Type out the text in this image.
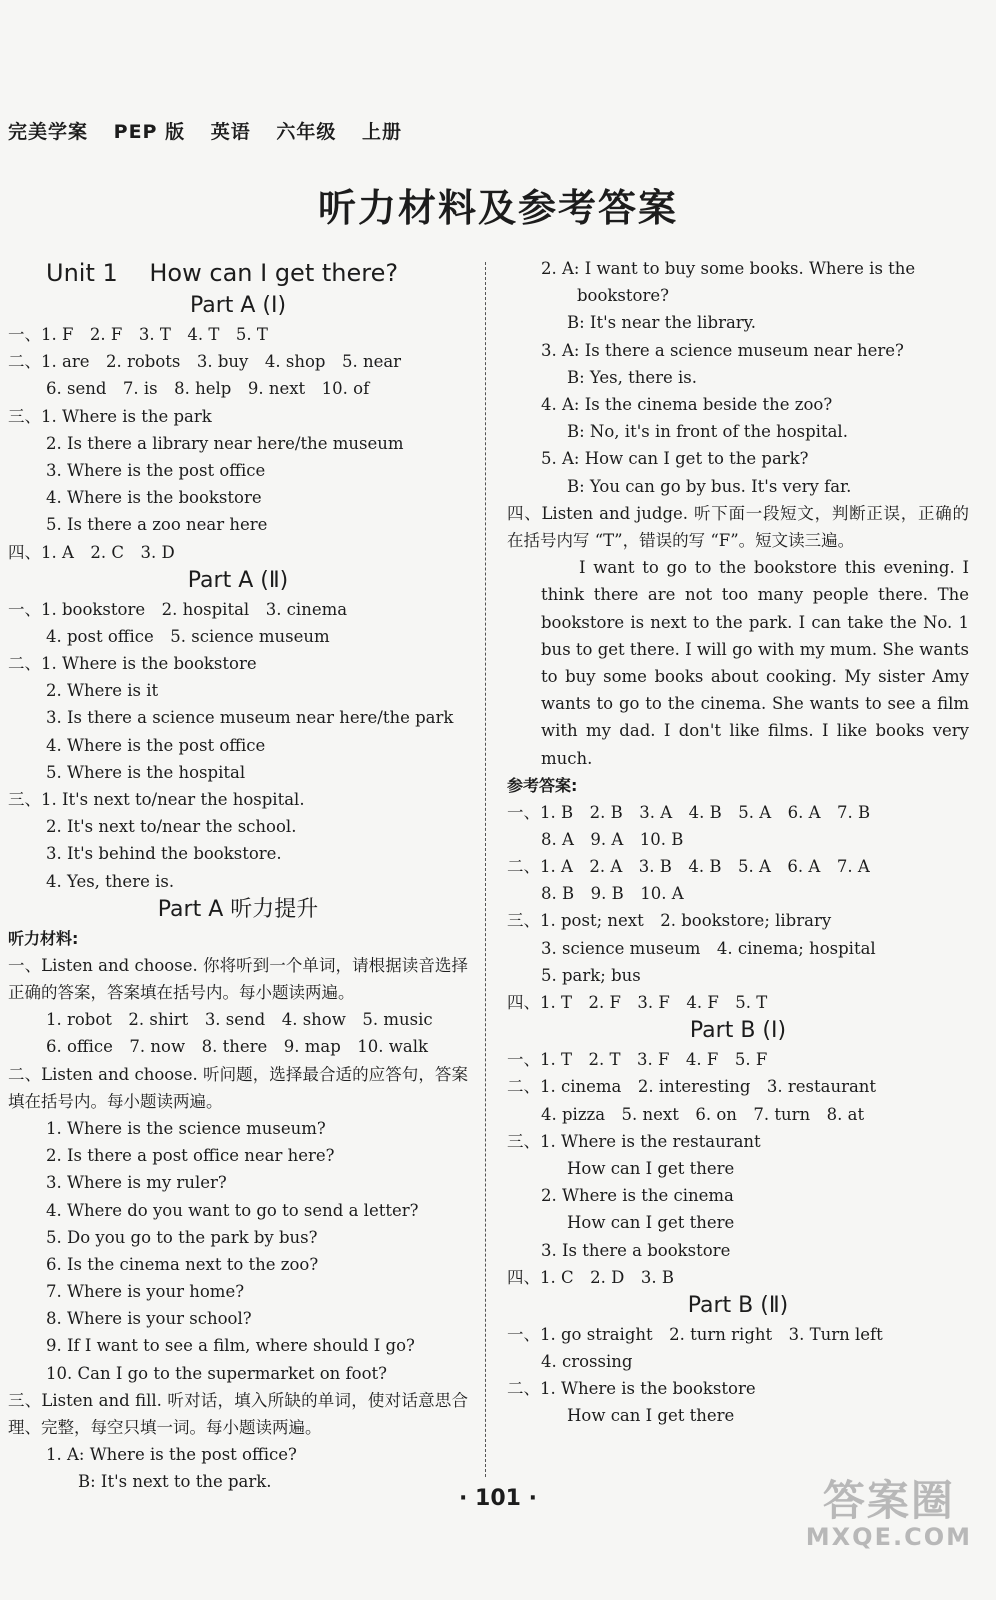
完美学案 PEP 版 英语 六年级 上册
听力材料及参考答案
Unit 1　 How can I get there?
Part A (Ⅰ)
一、1. F　2. F　3. T　4. T　5. T
二、1. are　2. robots　3. buy　4. shop　5. near
6. send　7. is　8. help　9. next　10. of
三、1. Where is the park
2. Is there a library near here/the museum
3. Where is the post office
4. Where is the bookstore
5. Is there a zoo near here
四、1. A　2. C　3. D
Part A (Ⅱ)
一、1. bookstore　2. hospital　3. cinema
4. post office　5. science museum
二、1. Where is the bookstore
2. Where is it
3. Is there a science museum near here/the park
4. Where is the post office
5. Where is the hospital
三、1. It's next to/near the hospital.
2. It's next to/near the school.
3. It's behind the bookstore.
4. Yes, there is.
Part A 听力提升
听力材料:
一、Listen and choose. 你将听到一个单词，请根据读音选择正确的答案，答案填在括号内。每小题读两遍。
1. robot　2. shirt　3. send　4. show　5. music
6. office　7. now　8. there　9. map　10. walk
二、Listen and choose. 听问题，选择最合适的应答句，答案填在括号内。每小题读两遍。
1. Where is the science museum?
2. Is there a post office near here?
3. Where is my ruler?
4. Where do you want to go to send a letter?
5. Do you go to the park by bus?
6. Is the cinema next to the zoo?
7. Where is your home?
8. Where is your school?
9. If I want to see a film, where should I go?
10. Can I go to the supermarket on foot?
三、Listen and fill. 听对话，填入所缺的单词，使对话意思合理、完整，每空只填一词。每小题读两遍。
1. A: Where is the post office?
B: It's next to the park.
2. A: I want to buy some books. Where is the
bookstore?
B: It's near the library.
3. A: Is there a science museum near here?
B: Yes, there is.
4. A: Is the cinema beside the zoo?
B: No, it's in front of the hospital.
5. A: How can I get to the park?
B: You can go by bus. It's very far.
四、Listen and judge. 听下面一段短文，判断正误，正确的在括号内写 “T”，错误的写 “F”。短文读三遍。
I want to go to the bookstore this evening. I think there are not too many people there. The bookstore is next to the park. I can take the No. 1 bus to get there. I will go with my mum. She wants to buy some books about cooking. My sister Amy wants to go to the cinema. She wants to see a film with my dad. I don't like films. I like books very much.
参考答案:
一、1. B　2. B　3. A　4. B　5. A　6. A　7. B
8. A　9. A　10. B
二、1. A　2. A　3. B　4. B　5. A　6. A　7. A
8. B　9. B　10. A
三、1. post; next　2. bookstore; library
3. science museum　4. cinema; hospital
5. park; bus
四、1. T　2. F　3. F　4. F　5. T
Part B (Ⅰ)
一、1. T　2. T　3. F　4. F　5. F
二、1. cinema　2. interesting　3. restaurant
4. pizza　5. next　6. on　7. turn　8. at
三、1. Where is the restaurant
How can I get there
2. Where is the cinema
How can I get there
3. Is there a bookstore
四、1. C　2. D　3. B
Part B (Ⅱ)
一、1. go straight　2. turn right　3. Turn left
4. crossing
二、1. Where is the bookstore
How can I get there
· 101 ·	答案圈
MXQE.COM
